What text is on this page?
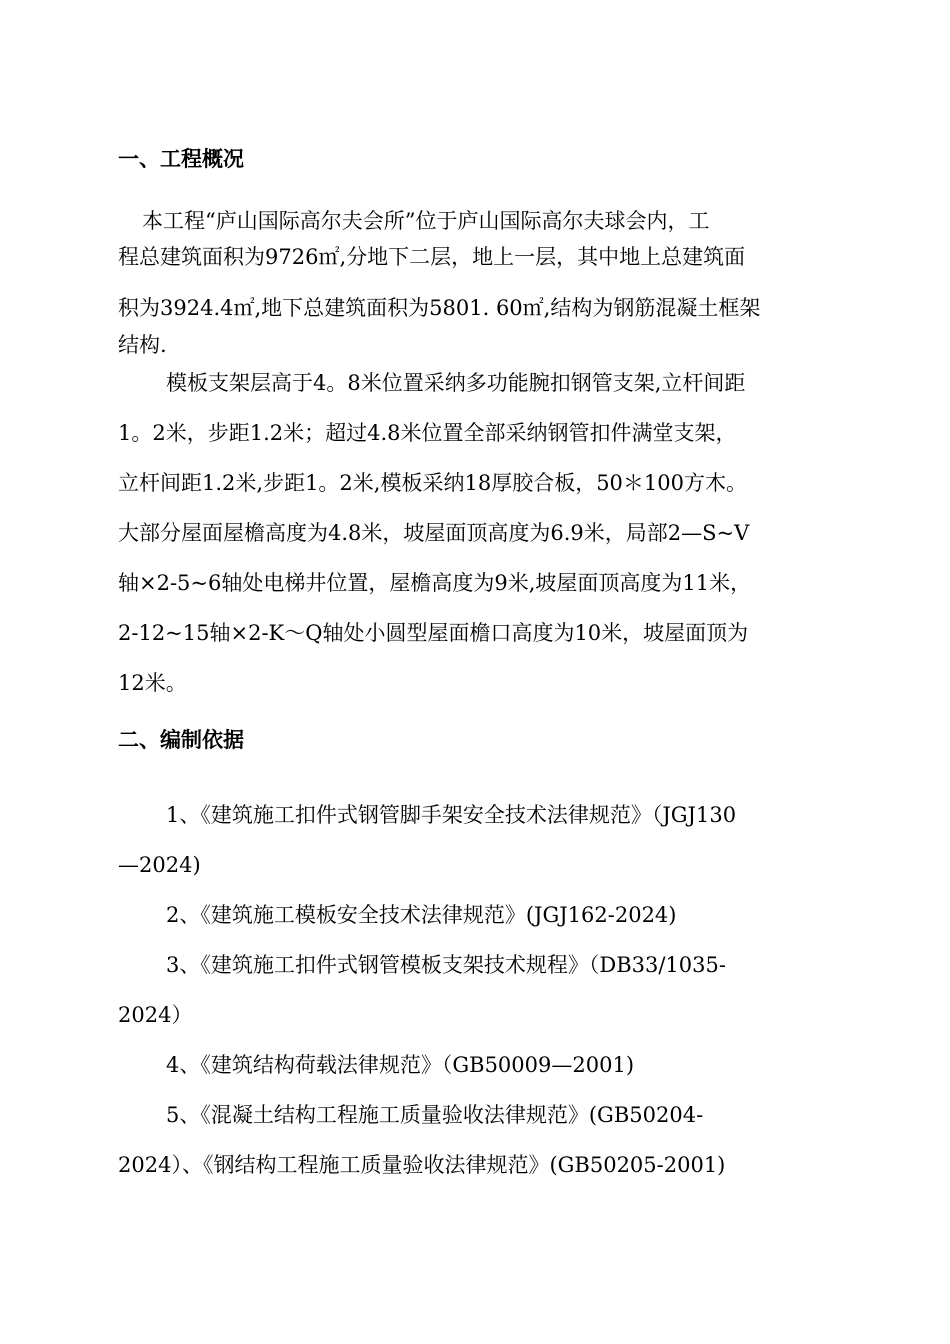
一、工程概况
本工程“庐山国际高尔夫会所”位于庐山国际高尔夫球会内，工
程总建筑面积为9726㎡,分地下二层，地上一层，其中地上总建筑面
积为3924.4㎡,地下总建筑面积为5801. 60㎡,结构为钢筋混凝土框架
结构.
模板支架层高于4。8米位置采纳多功能腕扣钢管支架,立杆间距
1。2米，步距1.2米；超过4.8米位置全部采纳钢管扣件满堂支架，
立杆间距1.2米,步距1。2米,模板采纳18厚胶合板，50＊100方木。
大部分屋面屋檐高度为4.8米，坡屋面顶高度为6.9米，局部2—S~V
轴×2-5~6轴处电梯井位置，屋檐高度为9米,坡屋面顶高度为11米，
2-12~15轴×2-K～Q轴处小圆型屋面檐口高度为10米，坡屋面顶为
12米。
二、编制依据
1、《建筑施工扣件式钢管脚手架安全技术法律规范》（JGJ130
—2024)
2、《建筑施工模板安全技术法律规范》(JGJ162-2024)
3、《建筑施工扣件式钢管模板支架技术规程》（DB33/1035-
2024）
4、《建筑结构荷载法律规范》（GB50009—2001)
5、《混凝土结构工程施工质量验收法律规范》(GB50204-
2024）、《钢结构工程施工质量验收法律规范》(GB50205-2001)
